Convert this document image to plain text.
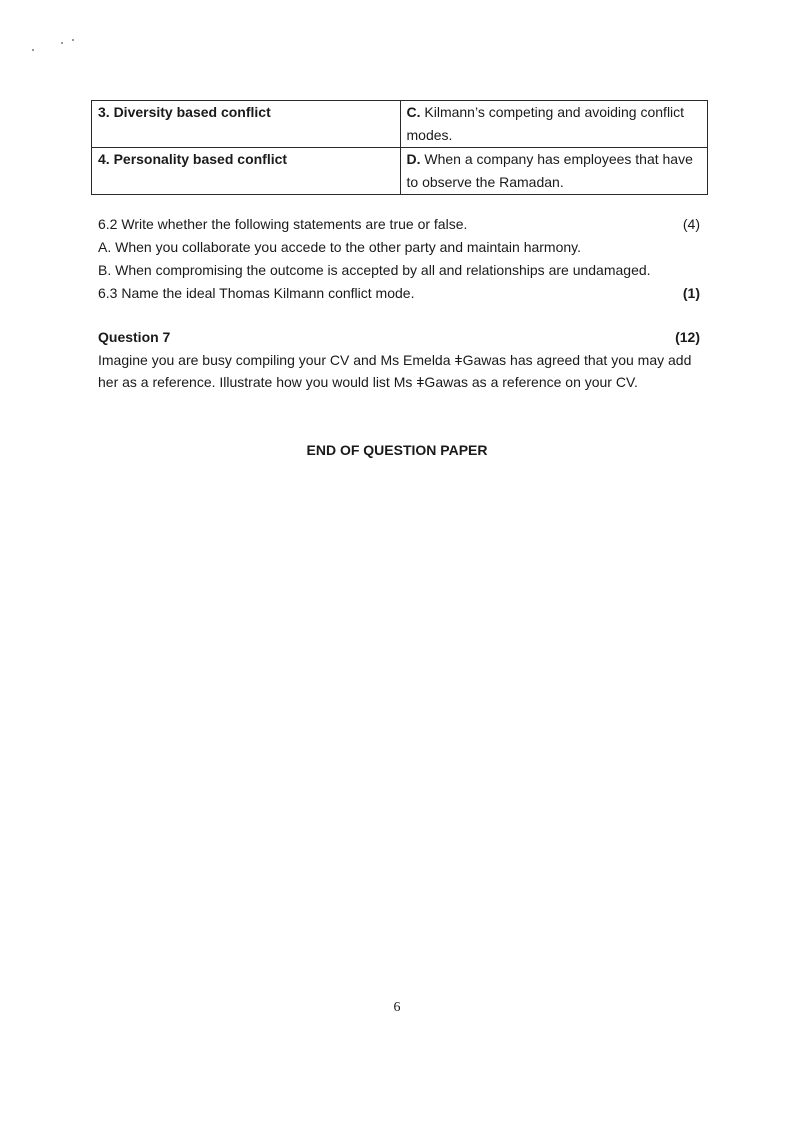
3. Diversity based conflict	C. Kilmann’s competing and avoiding conflict modes.
4. Personality based conflict	D. When a company has employees that have to observe the Ramadan.
6.2 Write whether the following statements are true or false.	(4)
A. When you collaborate you accede to the other party and maintain harmony.
B. When compromising the outcome is accepted by all and relationships are undamaged.
6.3 Name the ideal Thomas Kilmann conflict mode.	(1)
Question 7	(12)
Imagine you are busy compiling your CV and Ms Emelda ǂGawas has agreed that you may add her as a reference. Illustrate how you would list Ms ǂGawas as a reference on your CV.
END OF QUESTION PAPER
6
